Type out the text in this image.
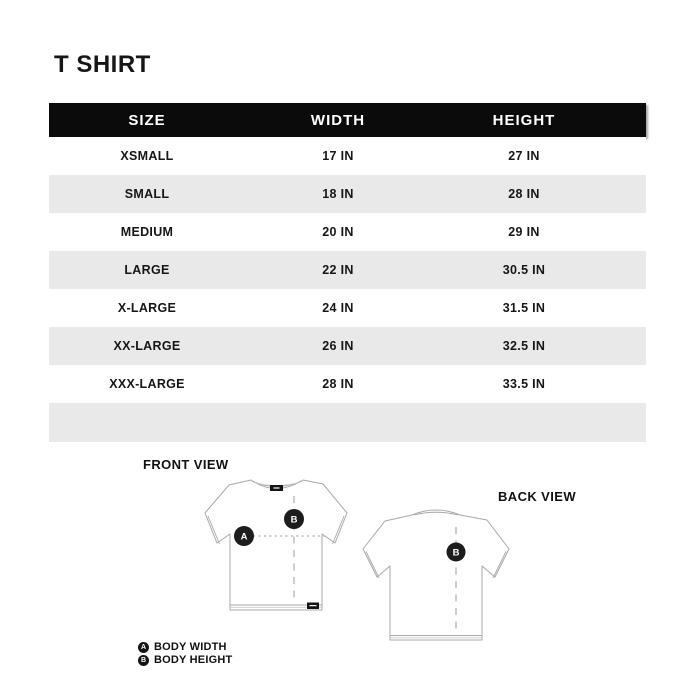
T SHIRT
SIZE	WIDTH	HEIGHT
XSMALL	17 IN	27 IN
SMALL	18 IN	28 IN
MEDIUM	20 IN	29 IN
LARGE	22 IN	30.5 IN
X-LARGE	24 IN	31.5 IN
XX-LARGE	26 IN	32.5 IN
XXX-LARGE	28 IN	33.5 IN
FRONT VIEW
A
B
BACK VIEW
B
A BODY WIDTH
B BODY HEIGHT
